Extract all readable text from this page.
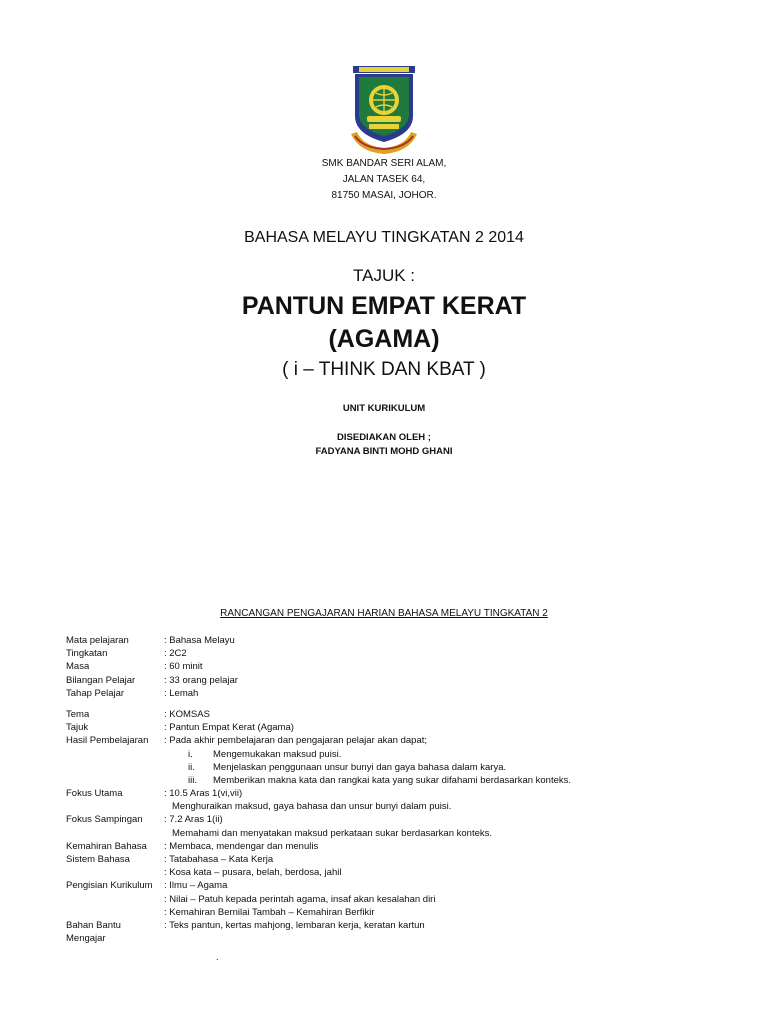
SMK BANDAR SERI ALAM,
JALAN TASEK 64,
81750 MASAI, JOHOR.
BAHASA MELAYU TINGKATAN 2 2014
TAJUK :
PANTUN EMPAT KERAT
(AGAMA)
( i – THINK DAN KBAT )
UNIT KURIKULUM
DISEDIAKAN OLEH ;
FADYANA BINTI MOHD GHANI
RANCANGAN PENGAJARAN HARIAN BAHASA MELAYU TINGKATAN 2
Mata pelajaran	: Bahasa Melayu
Tingkatan	: 2C2
Masa	: 60 minit
Bilangan Pelajar	: 33 orang pelajar
Tahap Pelajar	: Lemah
Tema	: KOMSAS
Tajuk	: Pantun Empat Kerat (Agama)
Hasil Pembelajaran : Pada akhir pembelajaran dan pengajaran pelajar akan dapat;
i. Mengemukakan maksud puisi.
ii. Menjelaskan penggunaan unsur bunyi dan gaya bahasa dalam karya.
iii. Memberikan makna kata dan rangkai kata yang sukar difahami berdasarkan konteks.
Fokus Utama	: 10.5 Aras 1(vi,vii)
Menghuraikan maksud, gaya bahasa dan unsur bunyi dalam puisi.
Fokus Sampingan : 7.2 Aras 1(ii)
Memahami dan menyatakan maksud perkataan sukar berdasarkan konteks.
Kemahiran Bahasa : Membaca, mendengar dan menulis
Sistem Bahasa	: Tatabahasa – Kata Kerja
: Kosa kata – pusara, belah, berdosa, jahil
Pengisian Kurikulum : Ilmu – Agama
: Nilai – Patuh kepada perintah agama, insaf akan kesalahan diri
: Kemahiran Bernilai Tambah – Kemahiran Berfikir
Bahan Bantu	: Teks pantun, kertas mahjong, lembaran kerja, keratan kartun
Mengajar
.
